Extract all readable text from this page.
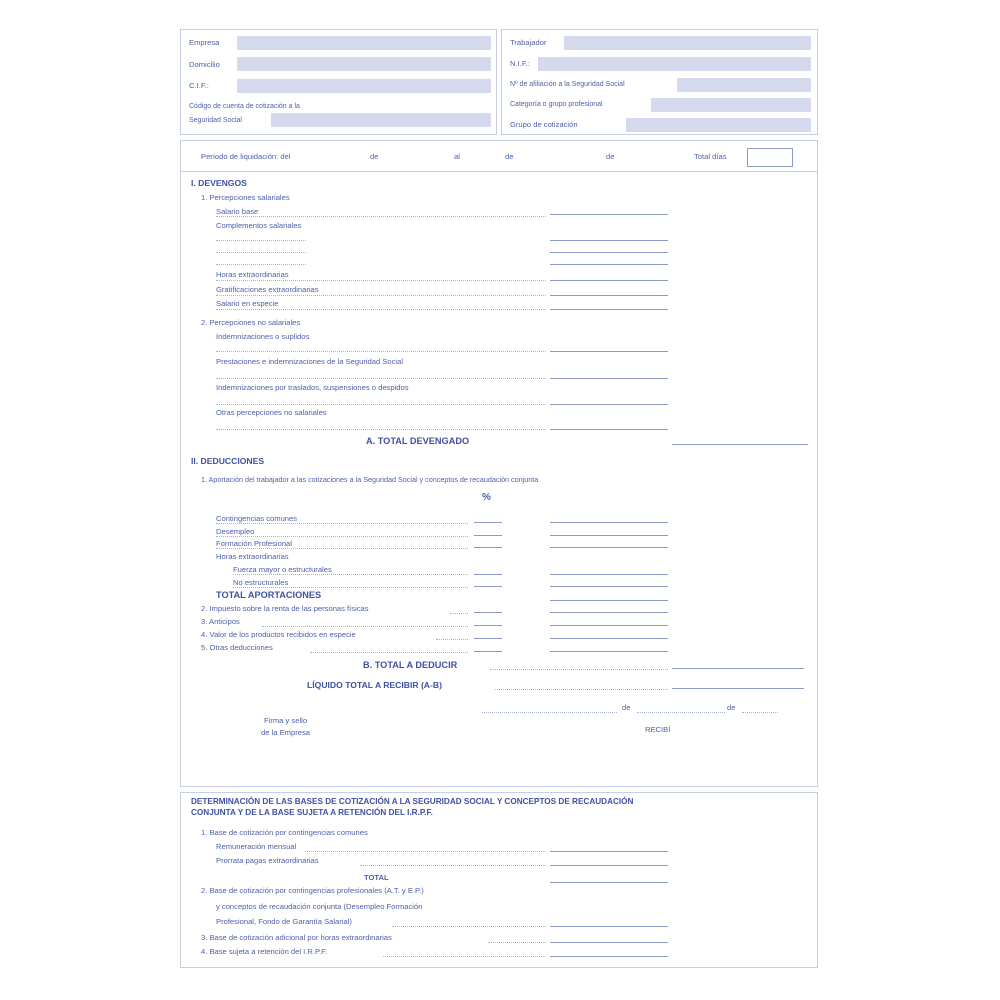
Empresa
Domicilio
C.I.F.:
Código de cuenta de cotización a la
Seguridad Social
Trabajador
N.I.F.:
Nº de afiliación a la Seguridad Social
Categoría o grupo profesional
Grupo de cotización
Período de liquidación: del	de	al	de	de	Total días
I. DEVENGOS
1. Percepciones salariales
Salario base
Complementos salariales
Horas extraordinarias
Gratificaciones extraordinarias
Salario en especie
2. Percepciones no salariales
Indemnizaciones o suplidos
Prestaciones e indemnizaciones de la Seguridad Social
Indemnizaciones por traslados, suspensiones o despidos
Otras percepciones no salariales
A. TOTAL DEVENGADO
II. DEDUCCIONES
1. Aportación del trabajador a las cotizaciones a la Seguridad Social y conceptos de recaudación conjunta
%
Contingencias comunes
Desempleo
Formación Profesional
Horas extraordinarias
Fuerza mayor o estructurales
No estructurales
TOTAL APORTACIONES
2. Impuesto sobre la renta de las personas físicas
3. Anticipos
4. Valor de los productos recibidos en especie
5. Otras deducciones
B. TOTAL A DEDUCIR
LÍQUIDO TOTAL A RECIBIR (A-B)
de	de
Firma y sello
de la Empresa	RECIBÍ
DETERMINACIÓN DE LAS BASES DE COTIZACIÓN A LA SEGURIDAD SOCIAL Y CONCEPTOS DE RECAUDACIÓN
CONJUNTA Y DE LA BASE SUJETA A RETENCIÓN DEL I.R.P.F.
1. Base de cotización por contingencias comunes
Remuneración mensual
Prorrata pagas extraordinarias
TOTAL
2. Base de cotización por contingencias profesionales (A.T. y E.P.)
y conceptos de recaudación conjunta (Desempleo Formación
Profesional, Fondo de Garantía Salarial)
3. Base de cotización adicional por horas extraordinarias
4. Base sujeta a retención del I.R.P.F.
